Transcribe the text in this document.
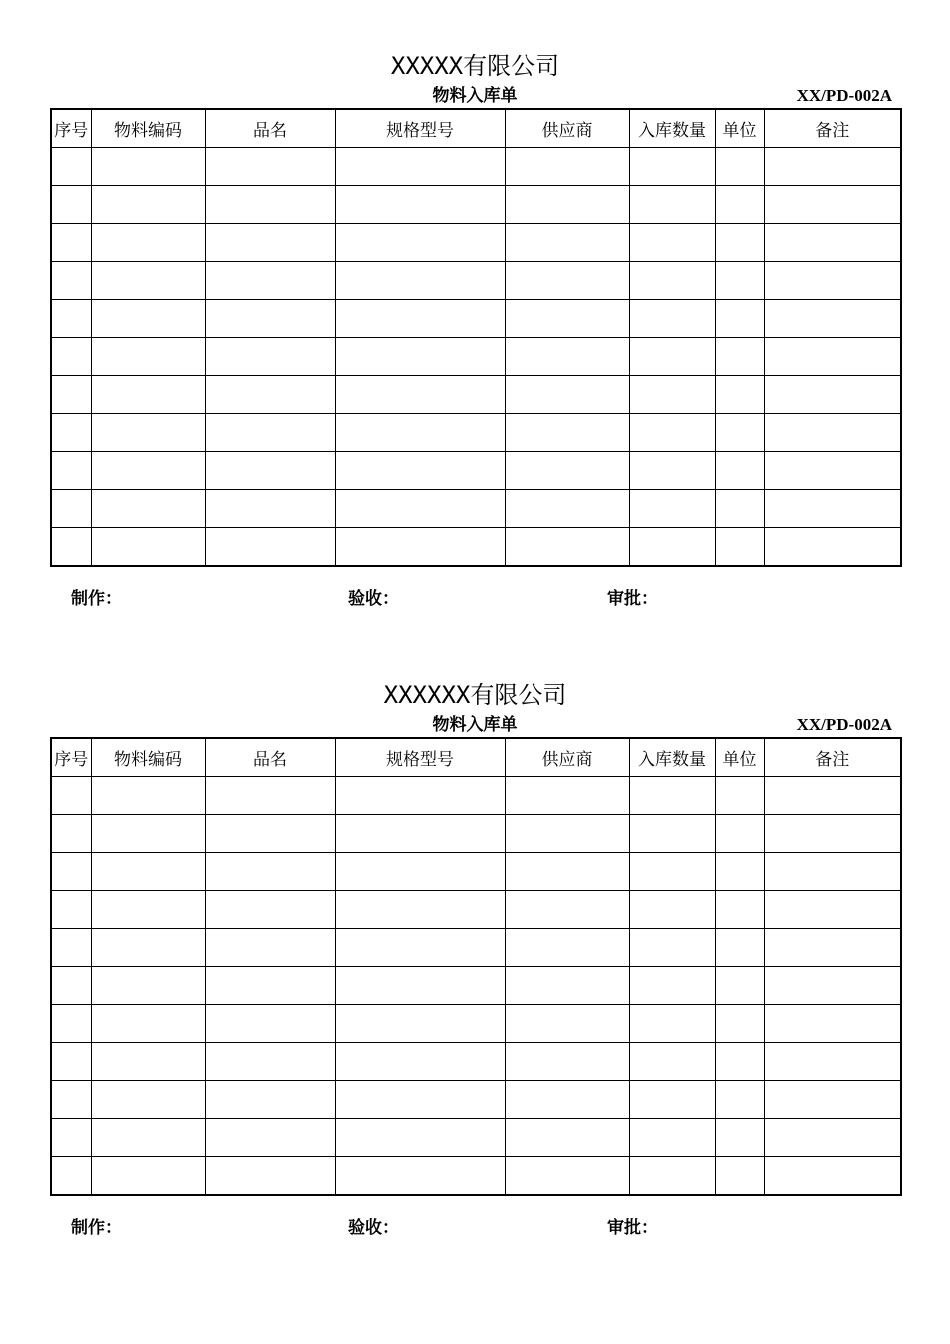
XXXXX有限公司
物料入库单	XX/PD-002A
序号	物料编码	品名	规格型号	供应商	入库数量	单位	备注

制作：	验收：	审批：
XXXXXX有限公司
物料入库单	XX/PD-002A
序号	物料编码	品名	规格型号	供应商	入库数量	单位	备注

制作：	验收：	审批：
